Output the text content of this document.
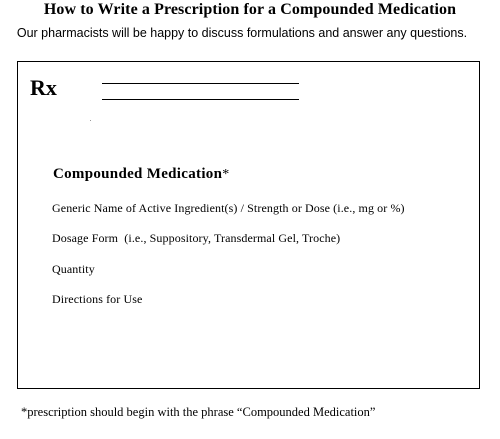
How to Write a Prescription for a Compounded Medication
Our pharmacists will be happy to discuss formulations and answer any questions.
Rx
Compounded Medication*
Generic Name of Active Ingredient(s) / Strength or Dose (i.e., mg or %)
Dosage Form  (i.e., Suppository, Transdermal Gel, Troche)
Quantity
Directions for Use
*prescription should begin with the phrase “Compounded Medication”
